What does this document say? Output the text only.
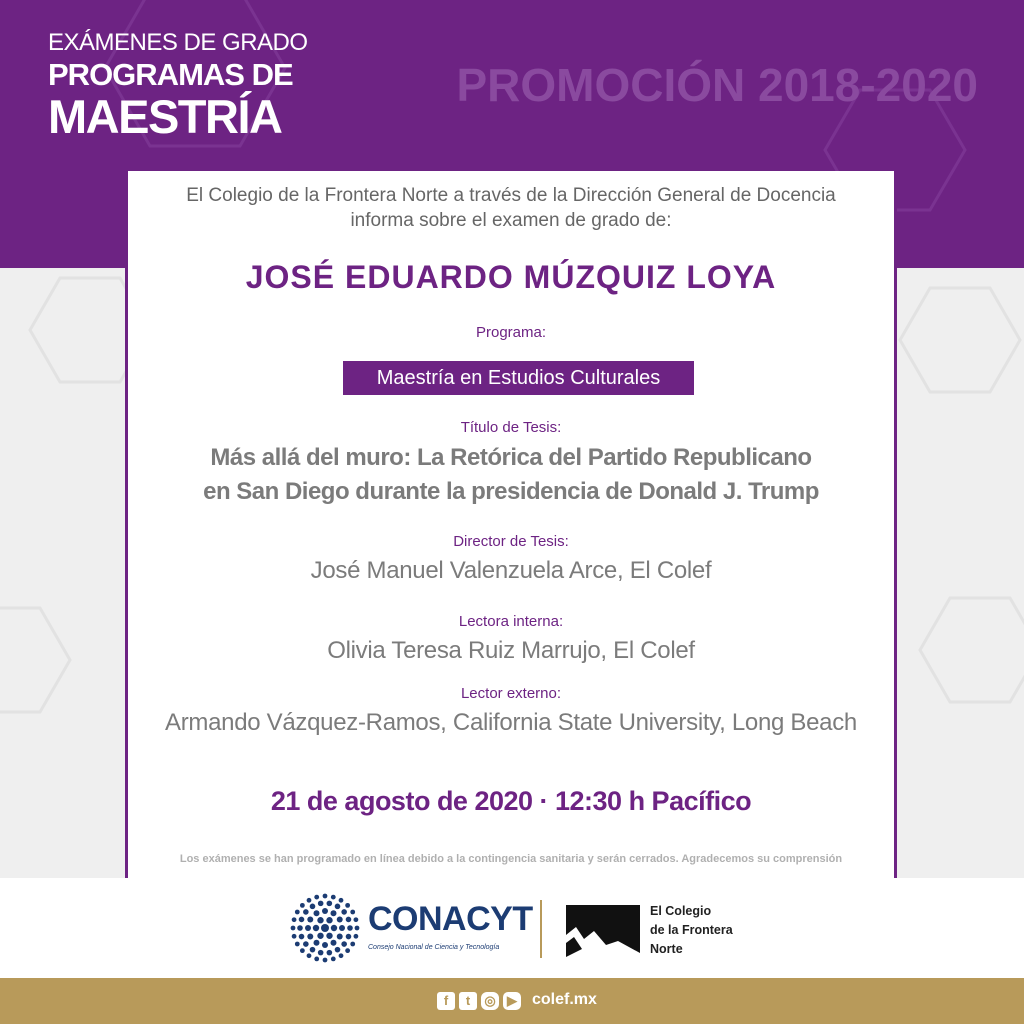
EXÁMENES DE GRADO
PROGRAMAS DE
MAESTRÍA
PROMOCIÓN 2018-2020
El Colegio de la Frontera Norte a través de la Dirección General de Docencia
informa sobre el examen de grado de:
JOSÉ EDUARDO MÚZQUIZ LOYA
Programa:
Maestría en Estudios Culturales
Título de Tesis:
Más allá del muro: La Retórica del Partido Republicano
en San Diego durante la presidencia de Donald J. Trump
Director de Tesis:
José Manuel Valenzuela Arce, El Colef
Lectora interna:
Olivia Teresa Ruiz Marrujo, El Colef
Lector externo:
Armando Vázquez-Ramos, California State University, Long Beach
21 de agosto de 2020 · 12:30 h Pacífico
Los exámenes se han programado en línea debido a la contingencia sanitaria y serán cerrados. Agradecemos su comprensión
CONACYT
Consejo Nacional de Ciencia y Tecnología
El Colegio
de la Frontera
Norte
f	t	◎ ▶ colef.mx
